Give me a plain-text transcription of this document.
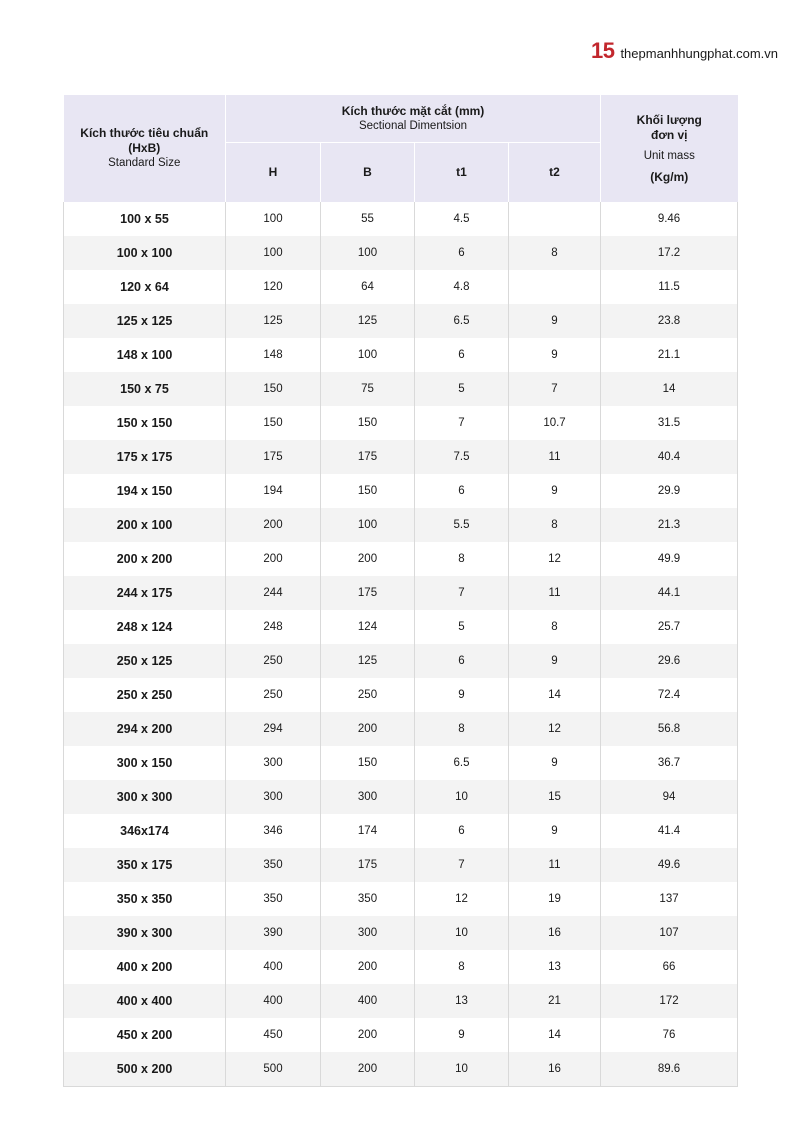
15 thepmanhhungphat.com.vn
Kích thước tiêu chuẩn (HxB)
Standard Size	Kích thước mặt cắt (mm)
Sectional Dimentsion				Khối lượng
đơn vị
Unit mass
(Kg/m)

	H	B	t1	t2	

100 x 55	100	55	4.5		9.46
100 x 100	100	100	6	8	17.2
120 x 64	120	64	4.8		11.5
125 x 125	125	125	6.5	9	23.8
148 x 100	148	100	6	9	21.1
150 x 75	150	75	5	7	14
150 x 150	150	150	7	10.7	31.5
175 x 175	175	175	7.5	11	40.4
194 x 150	194	150	6	9	29.9
200 x 100	200	100	5.5	8	21.3
200 x 200	200	200	8	12	49.9
244 x 175	244	175	7	11	44.1
248 x 124	248	124	5	8	25.7
250 x 125	250	125	6	9	29.6
250 x 250	250	250	9	14	72.4
294 x 200	294	200	8	12	56.8
300 x 150	300	150	6.5	9	36.7
300 x 300	300	300	10	15	94
346x174	346	174	6	9	41.4
350 x 175	350	175	7	11	49.6
350 x 350	350	350	12	19	137
390 x 300	390	300	10	16	107
400 x 200	400	200	8	13	66
400 x 400	400	400	13	21	172
450 x 200	450	200	9	14	76
500 x 200	500	200	10	16	89.6
